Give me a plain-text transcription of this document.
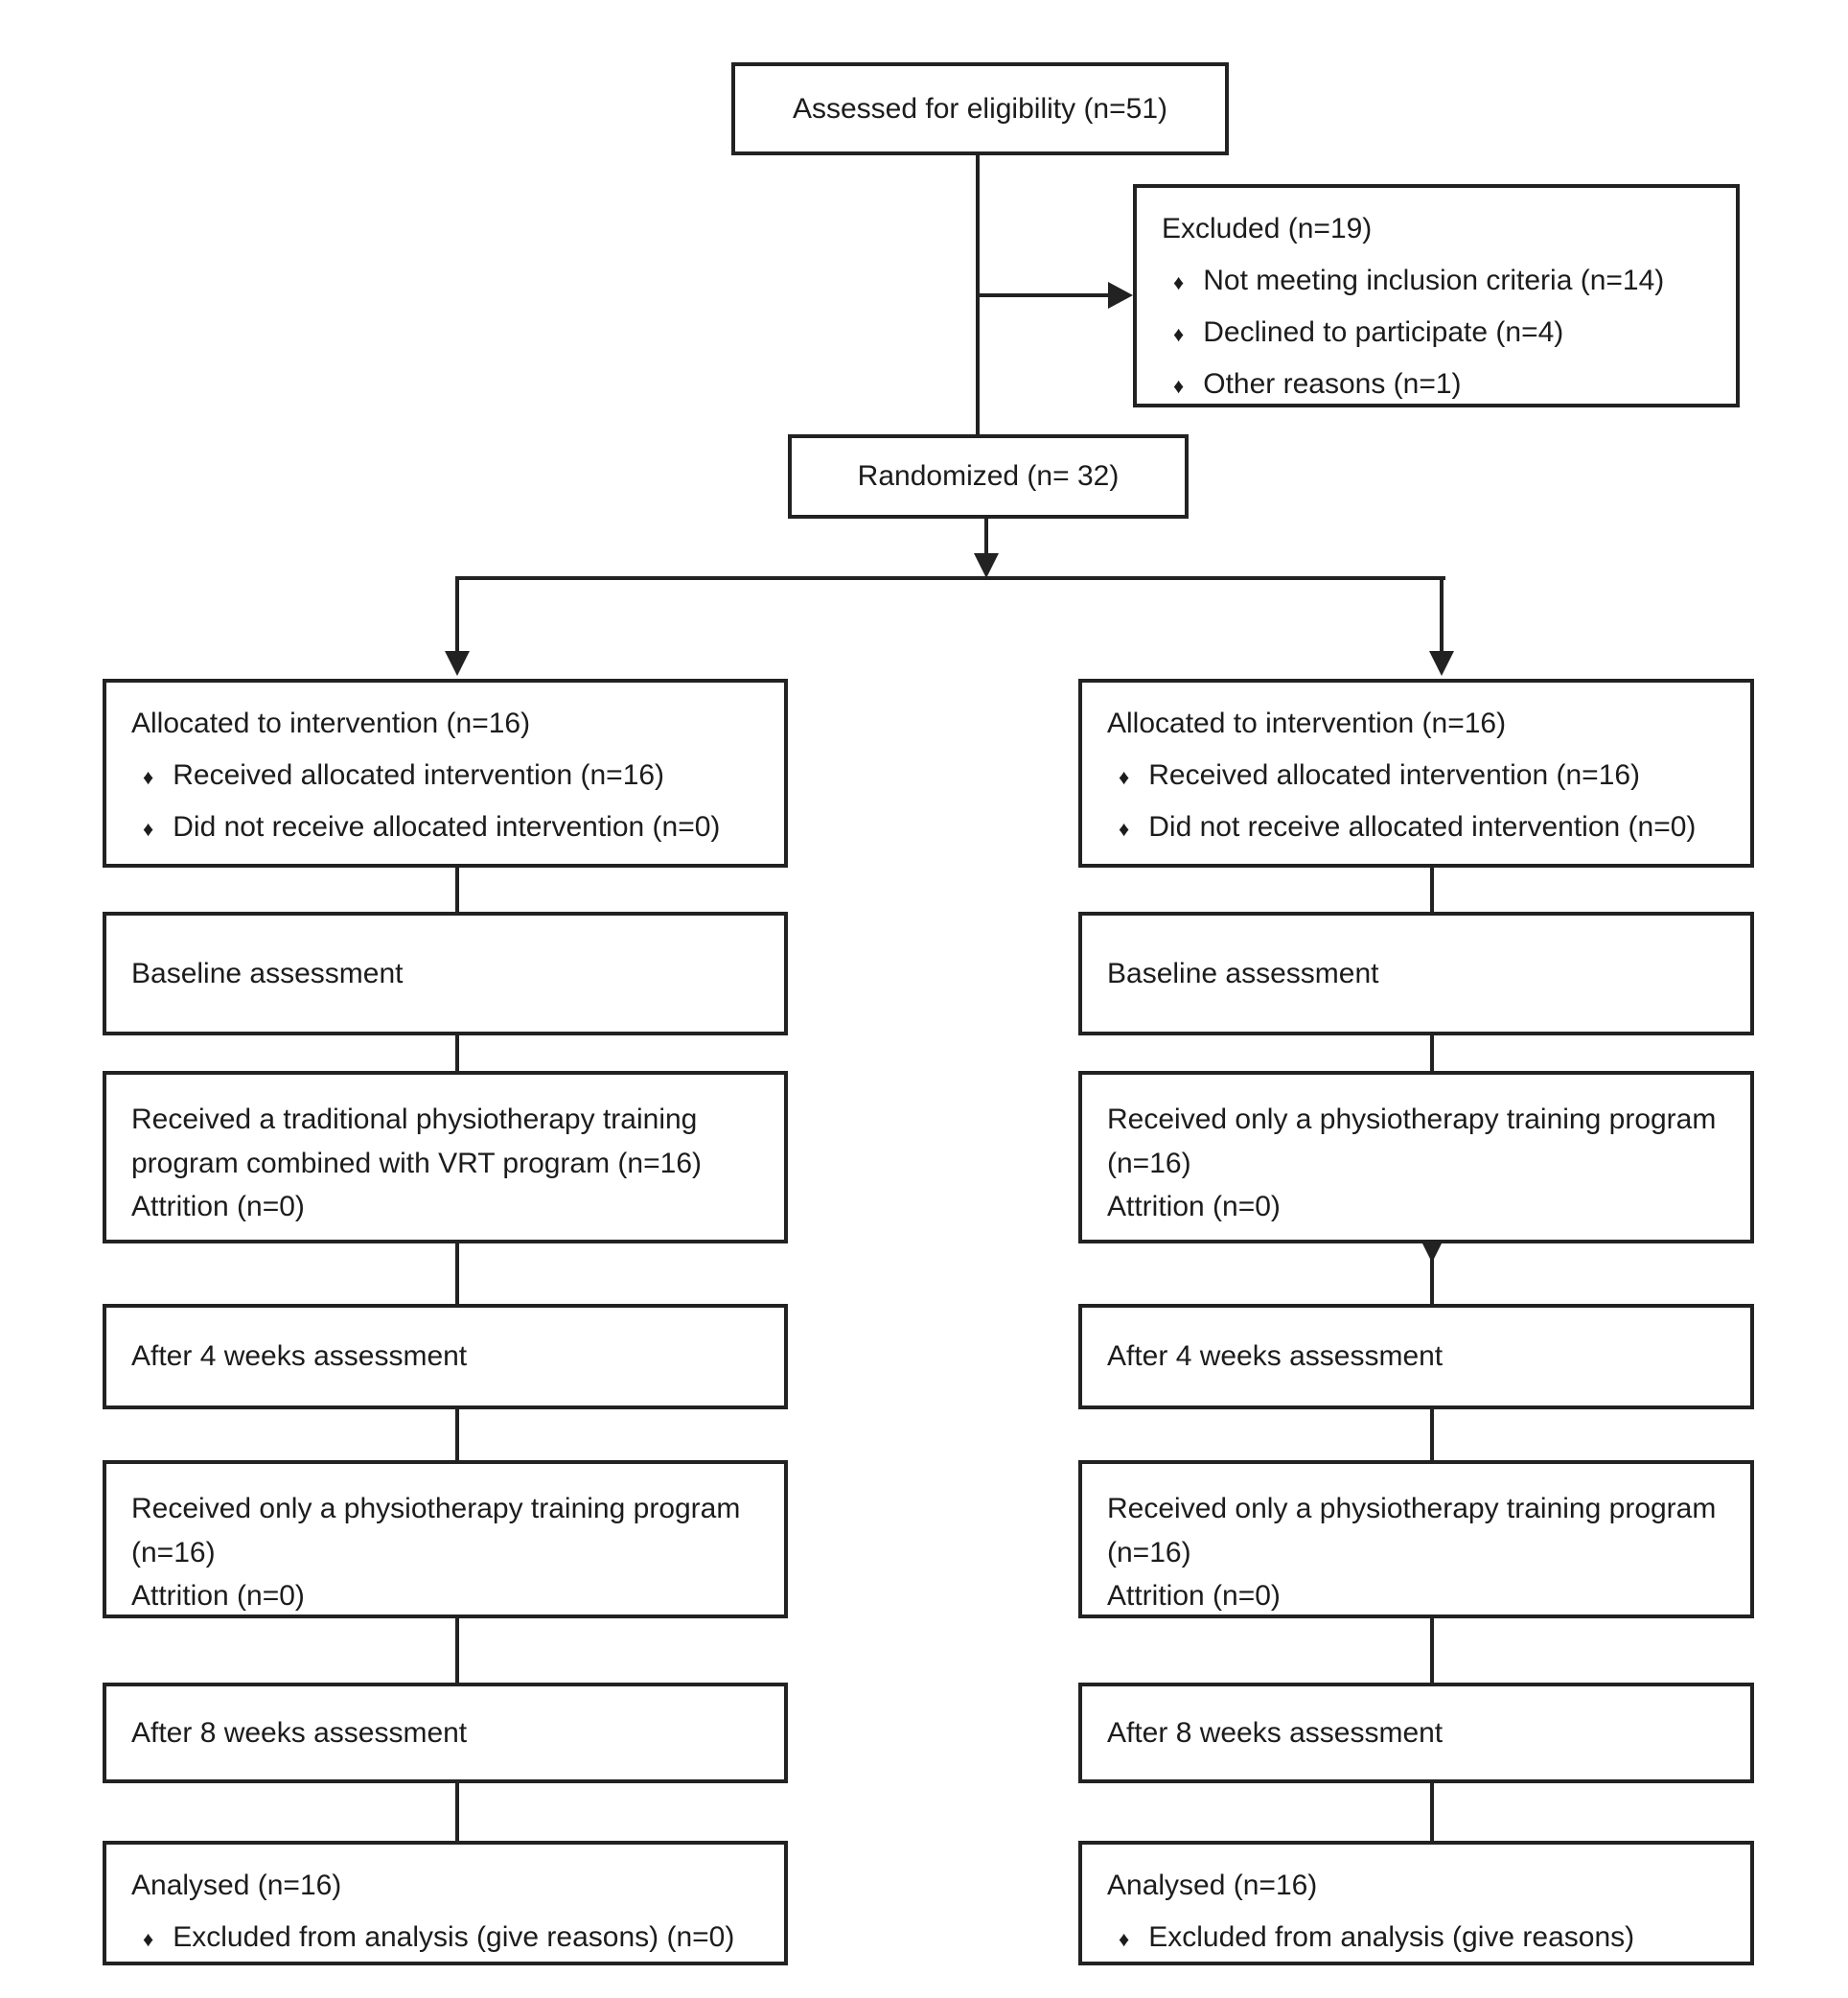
Assessed for eligibility (n=51)
Excluded (n=19)
♦ Not meeting inclusion criteria (n=14)
♦ Declined to participate (n=4)
♦ Other reasons (n=1)
Randomized (n= 32)
Allocated to intervention (n=16)
♦ Received allocated intervention (n=16)
♦ Did not receive allocated intervention (n=0)
Allocated to intervention (n=16)
♦ Received allocated intervention (n=16)
♦ Did not receive allocated intervention (n=0)
Baseline assessment	Baseline assessment
Received a traditional physiotherapy training program combined with VRT program (n=16)
Attrition (n=0)
Received only a physiotherapy training program (n=16)
Attrition (n=0)
After 4 weeks assessment	After 4 weeks assessment
Received only a physiotherapy training program (n=16)
Attrition (n=0)
Received only a physiotherapy training program (n=16)
Attrition (n=0)
After 8 weeks assessment	After 8 weeks assessment
Analysed (n=16)
♦ Excluded from analysis (give reasons) (n=0)
Analysed (n=16)
♦ Excluded from analysis (give reasons)
